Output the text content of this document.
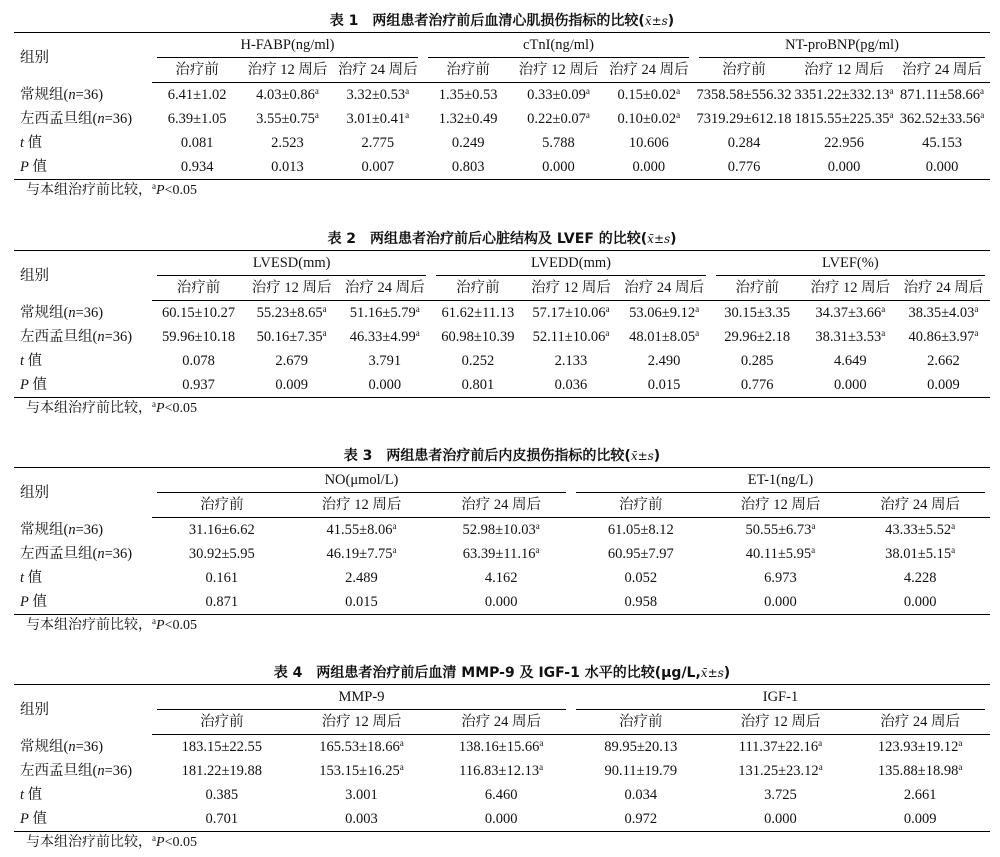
表 1　两组患者治疗前后血清心肌损伤指标的比较(x̄±s)
组别	H-FABP(ng/ml)			cTnI(ng/ml)			NT-proBNP(pg/ml)		
	治疗前	治疗 12 周后	治疗 24 周后	治疗前	治疗 12 周后	治疗 24 周后	治疗前	治疗 12 周后	治疗 24 周后
常规组(n=36)	6.41±1.02	4.03±0.86$^a$	3.32±0.53$^a$	1.35±0.53	0.33±0.09$^a$	0.15±0.02$^a$	7358.58±556.32	3351.22±332.13$^a$	871.11±58.66$^a$
左西孟旦组(n=36)	6.39±1.05	3.55±0.75$^a$	3.01±0.41$^a$	1.32±0.49	0.22±0.07$^a$	0.10±0.02$^a$	7319.29±612.18	1815.55±225.35$^a$	362.52±33.56$^a$
t 值	0.081	2.523	2.775	0.249	5.788	10.606	0.284	22.956	45.153
P 值	0.934	0.013	0.007	0.803	0.000	0.000	0.776	0.000	0.000
与本组治疗前比较，$^a$P<0.05
表 2　两组患者治疗前后心脏结构及 LVEF 的比较(x̄±s)
组别	LVESD(mm)			LVEDD(mm)			LVEF(%)		
	治疗前	治疗 12 周后	治疗 24 周后	治疗前	治疗 12 周后	治疗 24 周后	治疗前	治疗 12 周后	治疗 24 周后
常规组(n=36)	60.15±10.27	55.23±8.65$^a$	51.16±5.79$^a$	61.62±11.13	57.17±10.06$^a$	53.06±9.12$^a$	30.15±3.35	34.37±3.66$^a$	38.35±4.03$^a$
左西孟旦组(n=36)	59.96±10.18	50.16±7.35$^a$	46.33±4.99$^a$	60.98±10.39	52.11±10.06$^a$	48.01±8.05$^a$	29.96±2.18	38.31±3.53$^a$	40.86±3.97$^a$
t 值	0.078	2.679	3.791	0.252	2.133	2.490	0.285	4.649	2.662
P 值	0.937	0.009	0.000	0.801	0.036	0.015	0.776	0.000	0.009
与本组治疗前比较，$^a$P<0.05
表 3　两组患者治疗前后内皮损伤指标的比较(x̄±s)
组别	NO(μmol/L)			ET-1(ng/L)		
	治疗前	治疗 12 周后	治疗 24 周后	治疗前	治疗 12 周后	治疗 24 周后
常规组(n=36)	31.16±6.62	41.55±8.06$^a$	52.98±10.03$^a$	61.05±8.12	50.55±6.73$^a$	43.33±5.52$^a$
左西孟旦组(n=36)	30.92±5.95	46.19±7.75$^a$	63.39±11.16$^a$	60.95±7.97	40.11±5.95$^a$	38.01±5.15$^a$
t 值	0.161	2.489	4.162	0.052	6.973	4.228
P 值	0.871	0.015	0.000	0.958	0.000	0.000
与本组治疗前比较，$^a$P<0.05
表 4　两组患者治疗前后血清 MMP-9 及 IGF-1 水平的比较(μg/L,x̄±s)
组别	MMP-9			IGF-1		
	治疗前	治疗 12 周后	治疗 24 周后	治疗前	治疗 12 周后	治疗 24 周后
常规组(n=36)	183.15±22.55	165.53±18.66$^a$	138.16±15.66$^a$	89.95±20.13	111.37±22.16$^a$	123.93±19.12$^a$
左西孟旦组(n=36)	181.22±19.88	153.15±16.25$^a$	116.83±12.13$^a$	90.11±19.79	131.25±23.12$^a$	135.88±18.98$^a$
t 值	0.385	3.001	6.460	0.034	3.725	2.661
P 值	0.701	0.003	0.000	0.972	0.000	0.009
与本组治疗前比较，$^a$P<0.05
